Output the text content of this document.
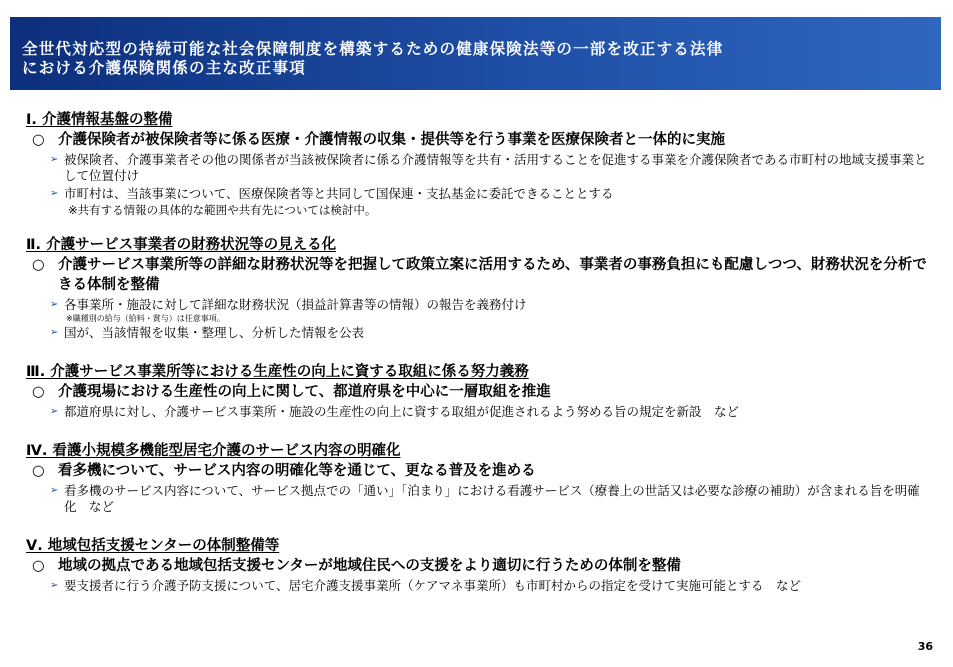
全世代対応型の持続可能な社会保障制度を構築するための健康保険法等の一部を改正する法律
における介護保険関係の主な改正事項
Ⅰ. 介護情報基盤の整備
○ 介護保険者が被保険者等に係る医療・介護情報の収集・提供等を行う事業を医療保険者と一体的に実施
➢ 被保険者、介護事業者その他の関係者が当該被保険者に係る介護情報等を共有・活用することを促進する事業を介護保険者である市町村の地域支援事業として位置付け
➢ 市町村は、当該事業について、医療保険者等と共同して国保連・支払基金に委託できることとする
※共有する情報の具体的な範囲や共有先については検討中。
Ⅱ. 介護サービス事業者の財務状況等の見える化
○ 介護サービス事業所等の詳細な財務状況等を把握して政策立案に活用するため、事業者の事務負担にも配慮しつつ、財務状況を分析できる体制を整備
➢ 各事業所・施設に対して詳細な財務状況（損益計算書等の情報）の報告を義務付け
※職種別の給与（給料・賞与）は任意事項。
➢ 国が、当該情報を収集・整理し、分析した情報を公表
Ⅲ. 介護サービス事業所等における生産性の向上に資する取組に係る努力義務
○ 介護現場における生産性の向上に関して、都道府県を中心に一層取組を推進
➢ 都道府県に対し、介護サービス事業所・施設の生産性の向上に資する取組が促進されるよう努める旨の規定を新設　など
Ⅳ. 看護小規模多機能型居宅介護のサービス内容の明確化
○ 看多機について、サービス内容の明確化等を通じて、更なる普及を進める
➢ 看多機のサービス内容について、サービス拠点での「通い」「泊まり」における看護サービス（療養上の世話又は必要な診療の補助）が含まれる旨を明確化　など
Ⅴ. 地域包括支援センターの体制整備等
○ 地域の拠点である地域包括支援センターが地域住民への支援をより適切に行うための体制を整備
➢ 要支援者に行う介護予防支援について、居宅介護支援事業所（ケアマネ事業所）も市町村からの指定を受けて実施可能とする　など
36
